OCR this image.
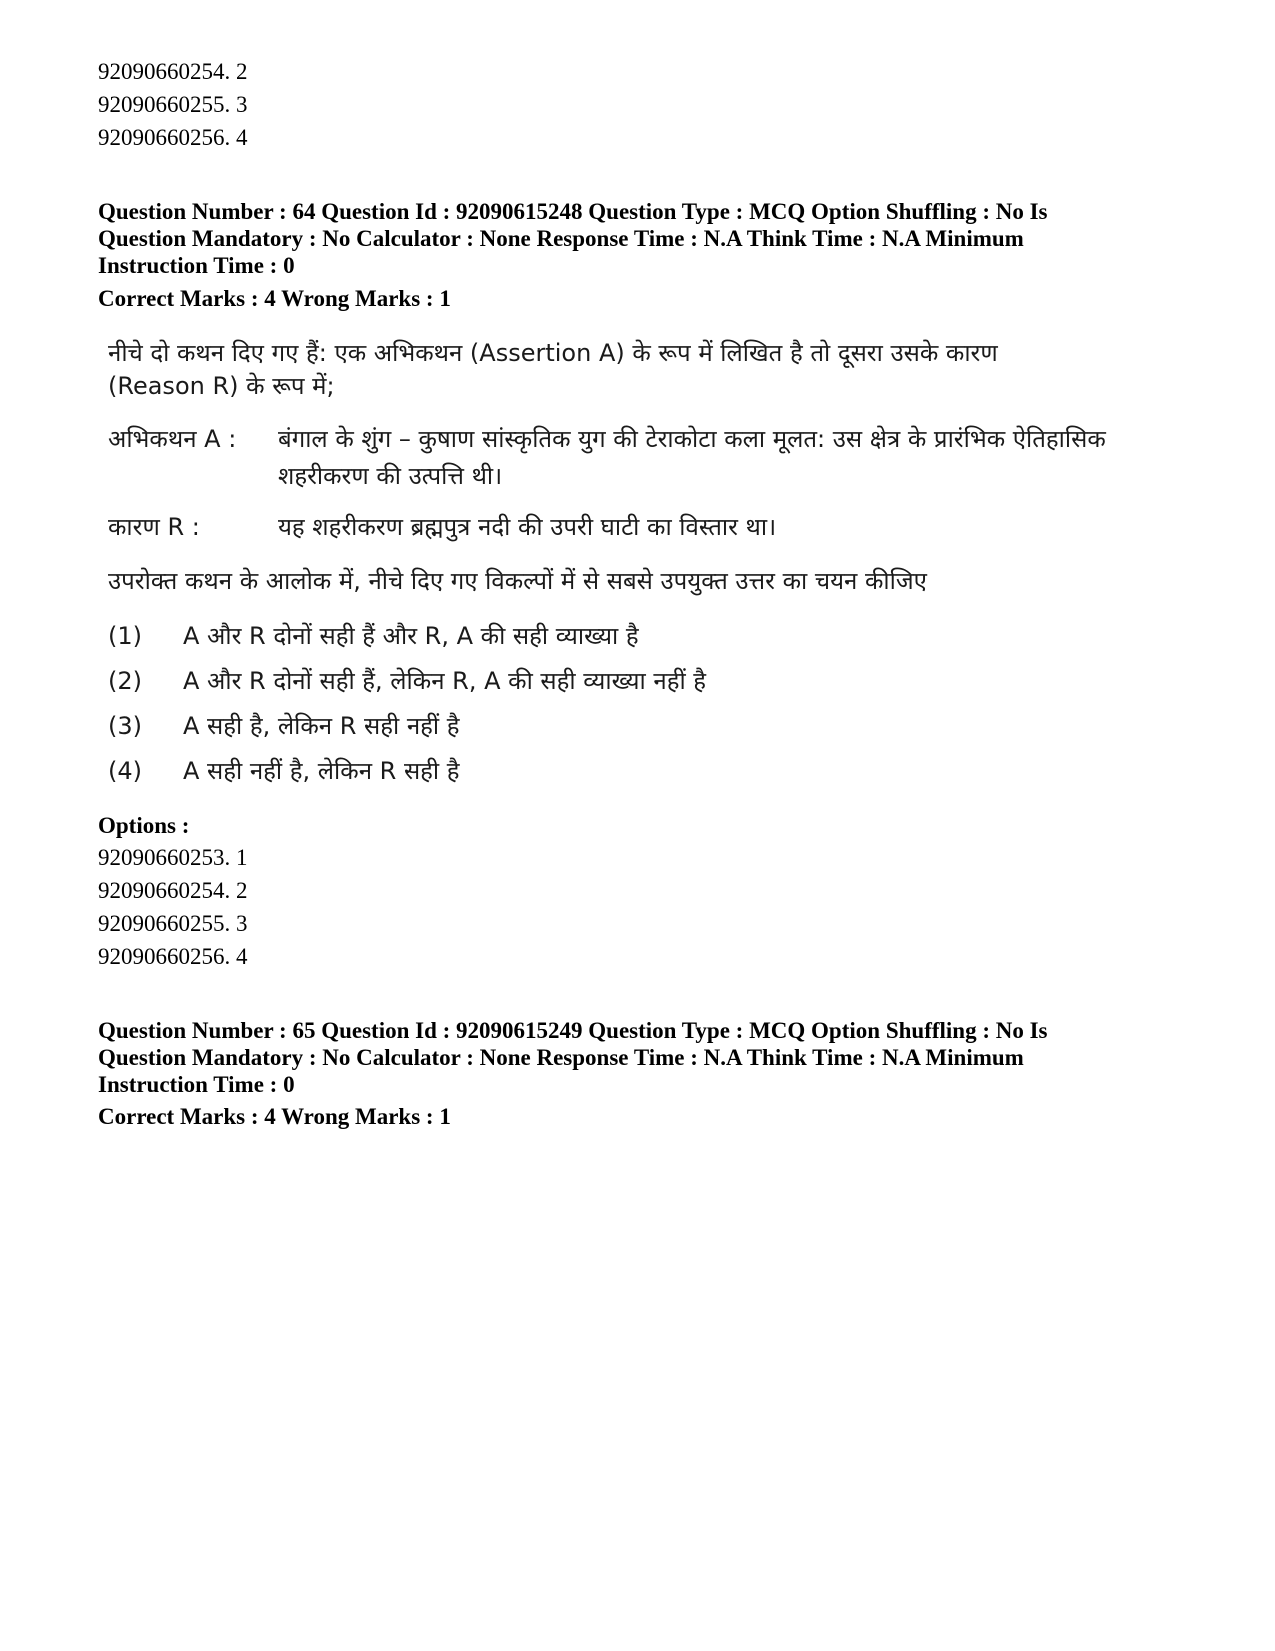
92090660254. 2
92090660255. 3
92090660256. 4
Question Number : 64 Question Id : 92090615248 Question Type : MCQ Option Shuffling : No Is
Question Mandatory : No Calculator : None Response Time : N.A Think Time : N.A Minimum
Instruction Time : 0
Correct Marks : 4 Wrong Marks : 1
नीचे दो कथन दिए गए हैं: एक अभिकथन (Assertion A) के रूप में लिखित है तो दूसरा उसके कारण
(Reason R) के रूप में;
अभिकथन A : बंगाल के शुंग – कुषाण सांस्कृतिक युग की टेराकोटा कला मूलत: उस क्षेत्र के प्रारंभिक ऐतिहासिक शहरीकरण की उत्पत्ति थी।
कारण R :	यह शहरीकरण ब्रह्मपुत्र नदी की उपरी घाटी का विस्तार था।
उपरोक्त कथन के आलोक में, नीचे दिए गए विकल्पों में से सबसे उपयुक्त उत्तर का चयन कीजिए
(1) A और R दोनों सही हैं और R, A की सही व्याख्या है
(2) A और R दोनों सही हैं, लेकिन R, A की सही व्याख्या नहीं है
(3) A सही है, लेकिन R सही नहीं है
(4) A सही नहीं है, लेकिन R सही है
Options :
92090660253. 1
92090660254. 2
92090660255. 3
92090660256. 4
Question Number : 65 Question Id : 92090615249 Question Type : MCQ Option Shuffling : No Is
Question Mandatory : No Calculator : None Response Time : N.A Think Time : N.A Minimum
Instruction Time : 0
Correct Marks : 4 Wrong Marks : 1
